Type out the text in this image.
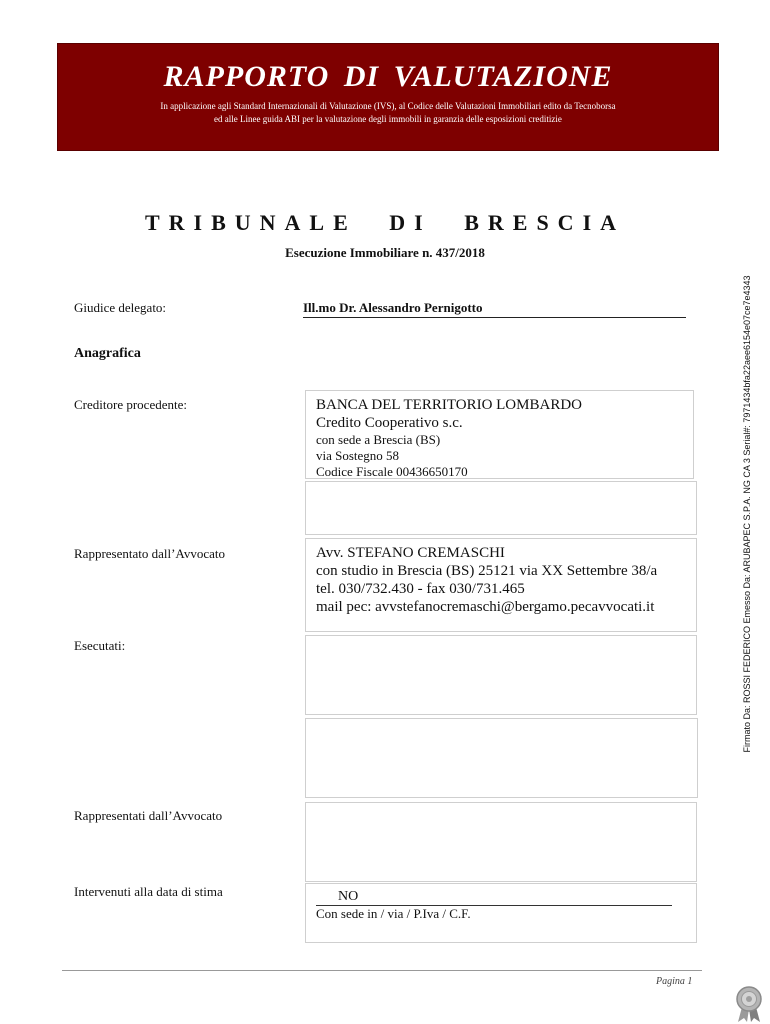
RAPPORTO DI VALUTAZIONE
In applicazione agli Standard Internazionali di Valutazione (IVS), al Codice delle Valutazioni Immobiliari edito da Tecnoborsa
ed alle Linee guida ABI per la valutazione degli immobili in garanzia delle esposizioni creditizie
TRIBUNALE DI BRESCIA
Esecuzione Immobiliare n. 437/2018
Giudice delegato:	Ill.mo Dr. Alessandro Pernigotto
Anagrafica
Creditore procedente:	BANCA DEL TERRITORIO LOMBARDO
Credito Cooperativo s.c.
con sede a Brescia (BS)
via Sostegno 58
Codice Fiscale 00436650170
Rappresentato dall’Avvocato	Avv. STEFANO CREMASCHI
con studio in Brescia (BS) 25121 via XX Settembre 38/a
tel. 030/732.430 - fax 030/731.465
mail pec: avvstefanocremaschi@bergamo.pecavvocati.it
Esecutati:
Rappresentati dall’Avvocato
Intervenuti alla data di stima	NO
Con sede in / via / P.Iva / C.F.
Pagina 1
Firmato Da: ROSSI FEDERICO Emesso Da: ARUBAPEC S.P.A. NG CA 3 Serial#: 7971434bfa22aee6154e07ce7e4343
